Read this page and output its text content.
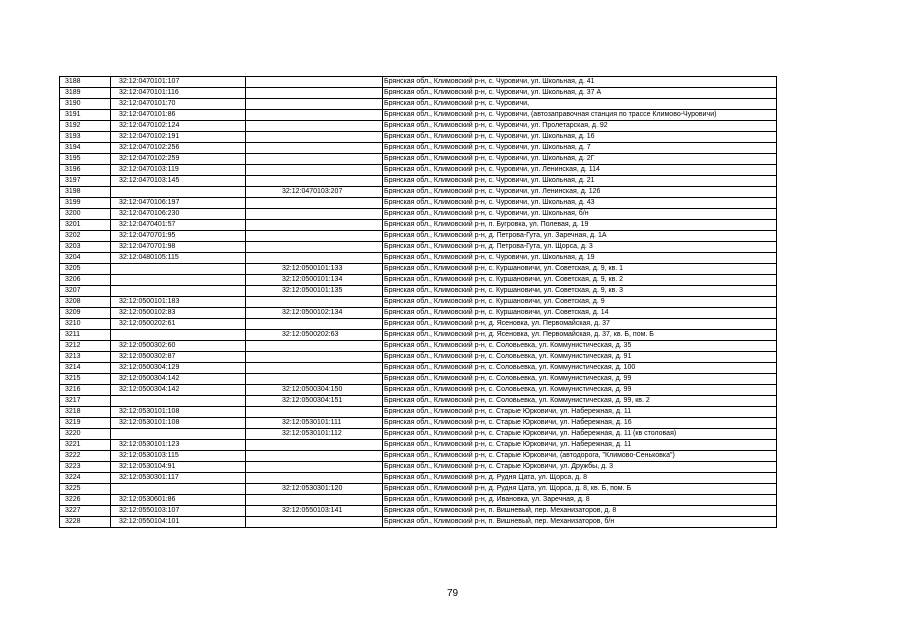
3188	32:12:0470101:107		Брянская обл., Климовский р-н, с. Чуровичи, ул. Школьная, д. 41
3189	32:12:0470101:116		Брянская обл., Климовский р-н, с. Чуровичи, ул. Школьная, д. 37 А
3190	32:12:0470101:70		Брянская обл., Климовский р-н, с. Чуровичи,
3191	32:12:0470101:86		Брянская обл., Климовский р-н, с. Чуровичи, (автозаправочная станция по трассе Климово-Чуровичи)
3192	32:12:0470102:124		Брянская обл., Климовский р-н, с. Чуровичи, ул. Пролетарская, д. 92
3193	32:12:0470102:191		Брянская обл., Климовский р-н, с. Чуровичи, ул. Школьная, д. 16
3194	32:12:0470102:256		Брянская обл., Климовский р-н, с. Чуровичи, ул. Школьная, д. 7
3195	32:12:0470102:259		Брянская обл., Климовский р-н, с. Чуровичи, ул. Школьная, д. 2Г
3196	32:12:0470103:119		Брянская обл., Климовский р-н, с. Чуровичи, ул. Ленинская, д. 114
3197	32:12:0470103:145		Брянская обл., Климовский р-н, с. Чуровичи, ул. Школьная, д. 21
3198		32:12:0470103:207	Брянская обл., Климовский р-н, с. Чуровичи, ул. Ленинская, д. 126
3199	32:12:0470106:197		Брянская обл., Климовский р-н, с. Чуровичи, ул. Школьная, д. 43
3200	32:12:0470106:230		Брянская обл., Климовский р-н, с. Чуровичи, ул. Школьная, б/н
3201	32:12:0470401:57		Брянская обл., Климовский р-н, п. Бугровка, ул. Полевая, д. 19
3202	32:12:0470701:95		Брянская обл., Климовский р-н, д. Петрова-Гута, ул. Заречная, д. 1А
3203	32:12:0470701:98		Брянская обл., Климовский р-н, д. Петрова-Гута, ул. Щорса, д. 3
3204	32:12:0480105:115		Брянская обл., Климовский р-н, с. Чуровичи, ул. Школьная, д. 19
3205		32:12:0500101:133	Брянская обл., Климовский р-н, с. Куршановичи, ул. Советская, д. 9, кв. 1
3206		32:12:0500101:134	Брянская обл., Климовский р-н, с. Куршановичи, ул. Советская, д. 9, кв. 2
3207		32:12:0500101:135	Брянская обл., Климовский р-н, с. Куршановичи, ул. Советская, д. 9, кв. 3
3208	32:12:0500101:183		Брянская обл., Климовский р-н, с. Куршановичи, ул. Советская, д. 9
3209	32:12:0500102:83	32:12:0500102:134	Брянская обл., Климовский р-н, с. Куршановичи, ул. Советская, д. 14
3210	32:12:0500202:61		Брянская обл., Климовский р-н, д. Ясеновка, ул. Первомайская, д. 37
3211		32:12:0500202:63	Брянская обл., Климовский р-н, д. Ясеновка, ул. Первомайская, д. 37, кв. Б, пом. Б
3212	32:12:0500302:60		Брянская обл., Климовский р-н, с. Соловьевка, ул. Коммунистическая, д. 35
3213	32:12:0500302:87		Брянская обл., Климовский р-н, с. Соловьевка, ул. Коммунистическая, д. 91
3214	32:12:0500304:129		Брянская обл., Климовский р-н, с. Соловьевка, ул. Коммунистическая, д. 100
3215	32:12:0500304:142		Брянская обл., Климовский р-н, с. Соловьевка, ул. Коммунистическая, д. 99
3216	32:12:0500304:142	32:12:0500304:150	Брянская обл., Климовский р-н, с. Соловьевка, ул. Коммунистическая, д. 99
3217		32:12:0500304:151	Брянская обл., Климовский р-н, с. Соловьевка, ул. Коммунистическая, д. 99, кв. 2
3218	32:12:0530101:108		Брянская обл., Климовский р-н, с. Старые Юрковичи, ул. Набережная, д. 11
3219	32:12:0530101:108	32:12:0530101:111	Брянская обл., Климовский р-н, с. Старые Юрковичи, ул. Набережная, д. 16
3220		32:12:0530101:112	Брянская обл., Климовский р-н, с. Старые Юрковичи, ул. Набережная, д. 11 (кв столовая)
3221	32:12:0530101:123		Брянская обл., Климовский р-н, с. Старые Юрковичи, ул. Набережная, д. 11
3222	32:12:0530103:115		Брянская обл., Климовский р-н, с. Старые Юрковичи, (автодорога, "Климово-Сеньковка")
3223	32:12:0530104:91		Брянская обл., Климовский р-н, с. Старые Юрковичи, ул. Дружбы, д. 3
3224	32:12:0530301:117		Брянская обл., Климовский р-н, д. Рудня Цата, ул. Щорса, д. 8
3225		32:12:0530301:120	Брянская обл., Климовский р-н, д. Рудня Цата, ул. Щорса, д. 8, кв. Б, пом. Б
3226	32:12:0530601:86		Брянская обл., Климовский р-н, д. Ивановка, ул. Заречная, д. 8
3227	32:12:0550103:107	32:12:0550103:141	Брянская обл., Климовский р-н, п. Вишневый, пер. Механизаторов, д. 8
3228	32:12:0550104:101		Брянская обл., Климовский р-н, п. Вишневый, пер. Механизаторов, б/н
79
